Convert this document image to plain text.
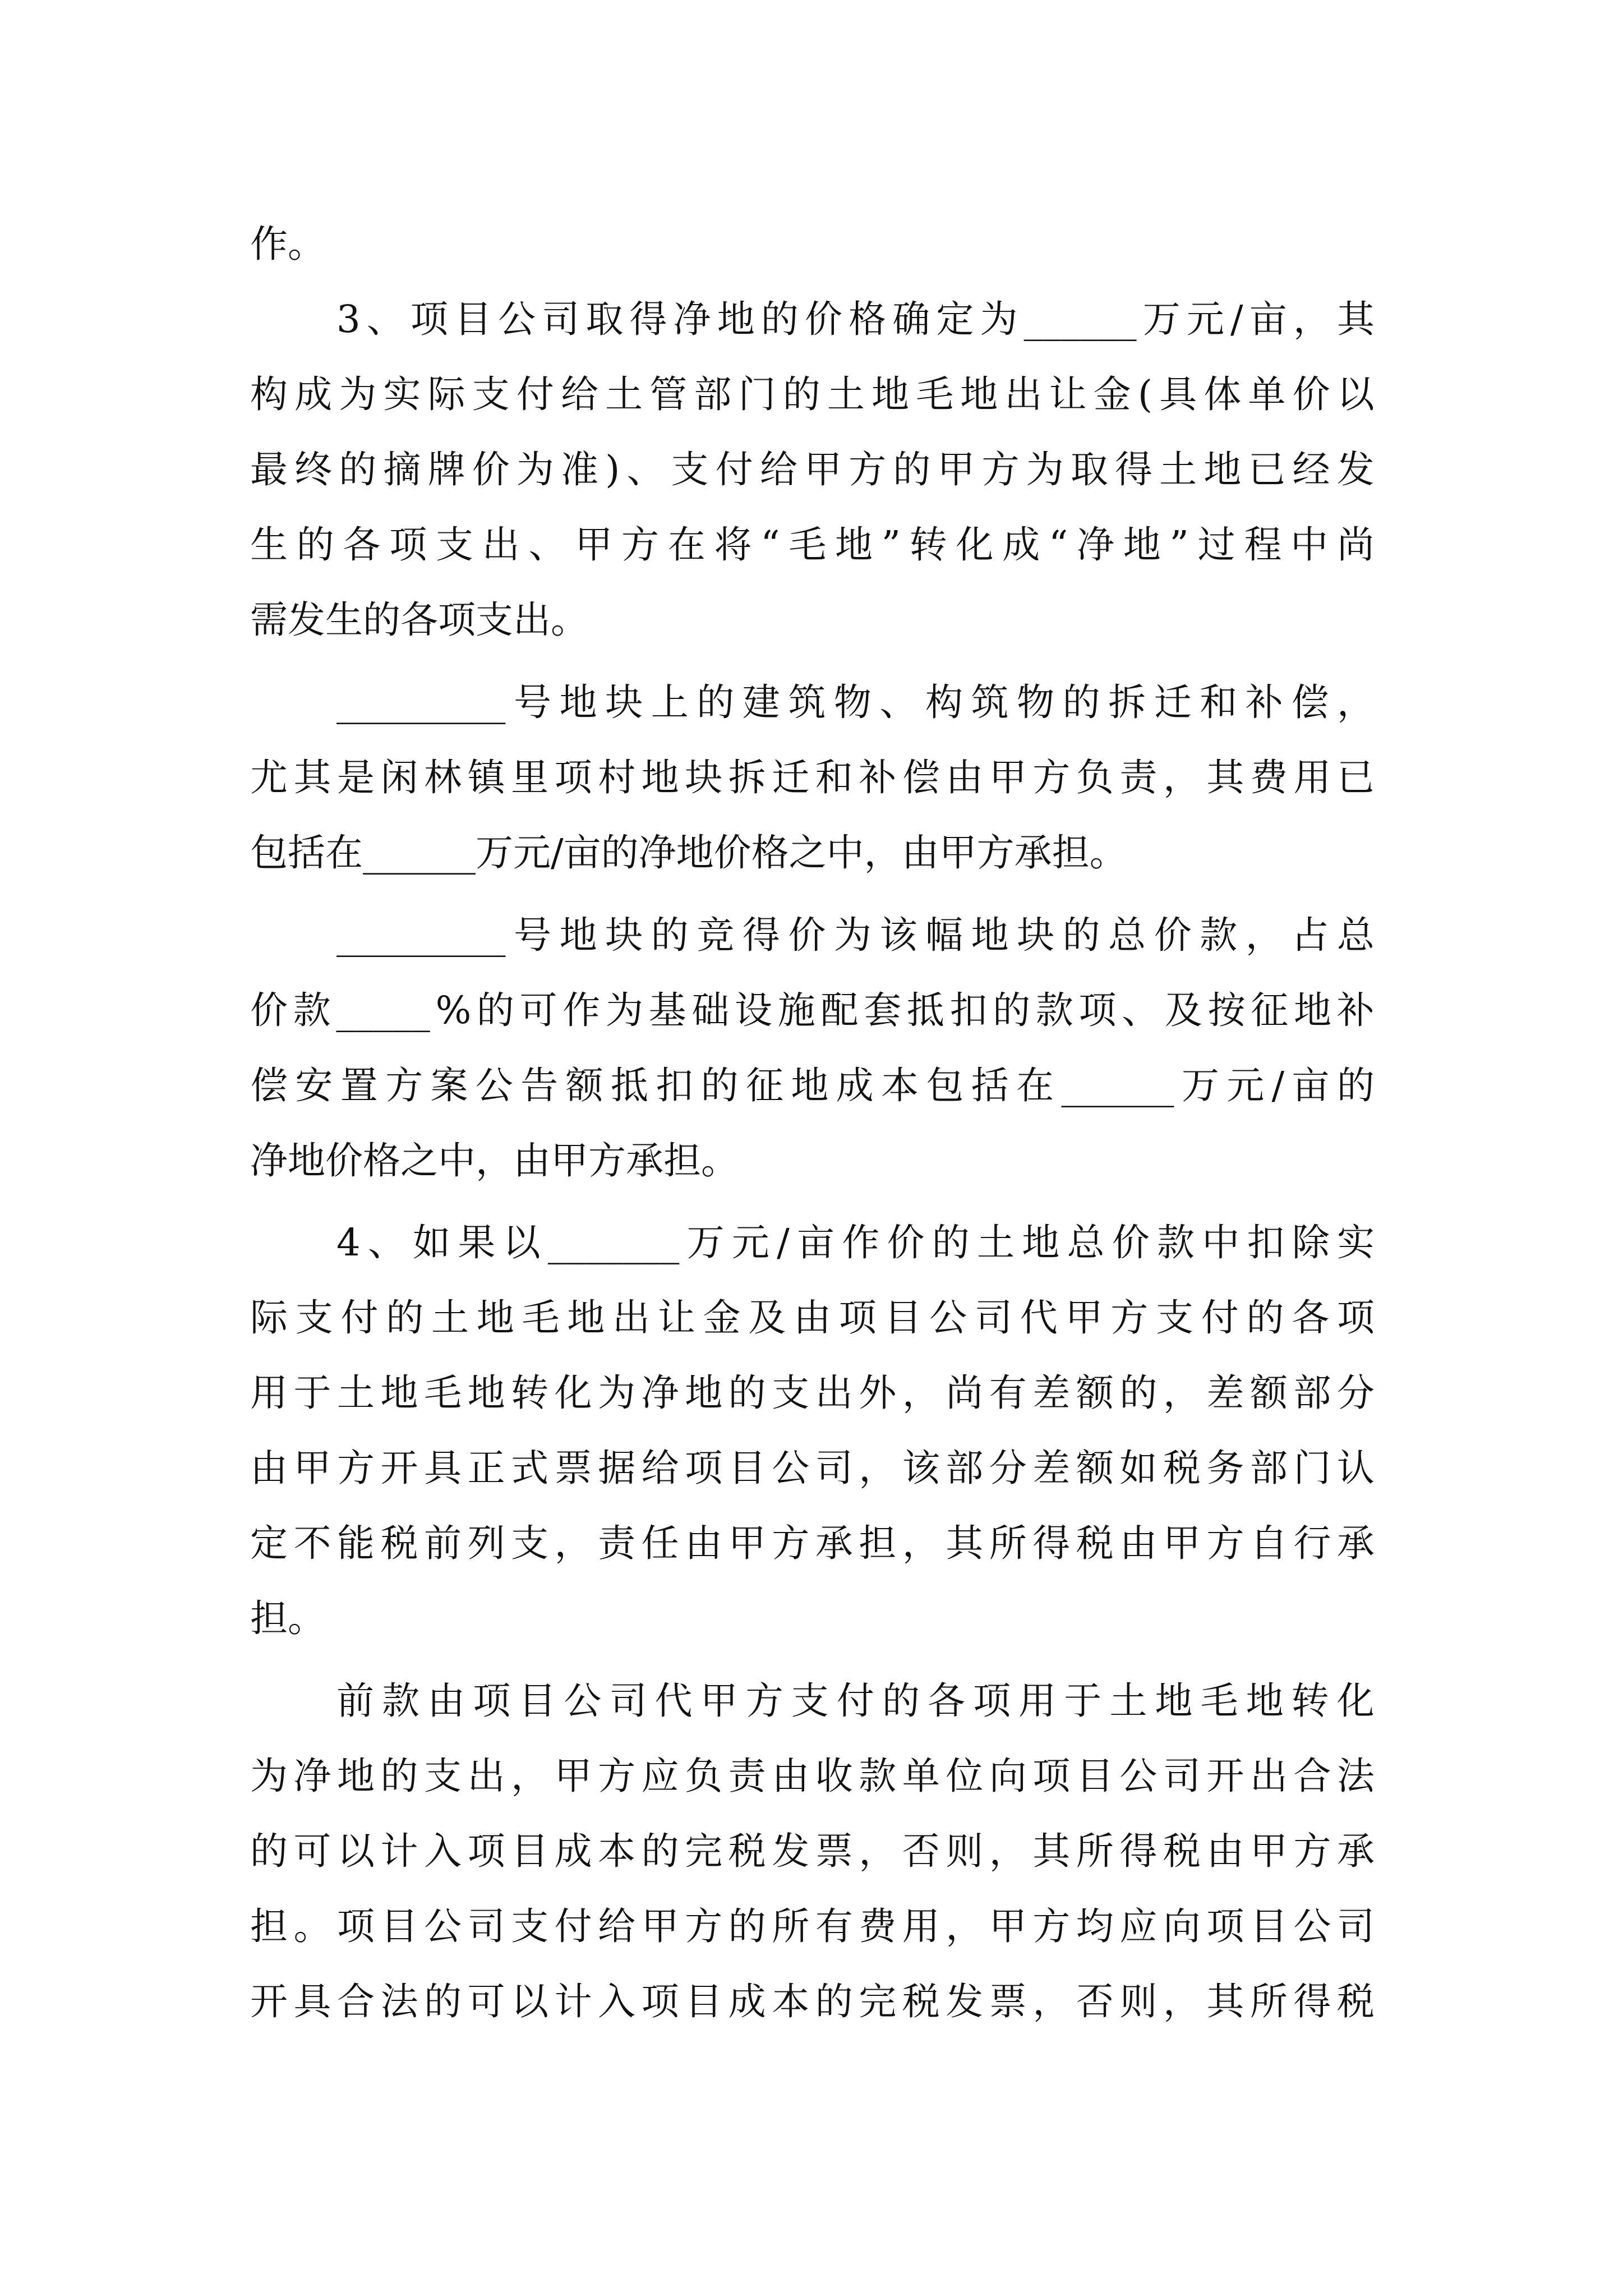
作。

3 、 项 目 公 司 取 得 净 地 的 价 格 确 定 为 ______ 万 元 / 亩 ， 其

构 成 为 实 际 支 付 给 土 管 部 门 的 土 地 毛 地 出 让 金 ( 具 体 单 价 以

最 终 的 摘 牌 价 为 准 ) 、 支 付 给 甲 方 的 甲 方 为 取 得 土 地 已 经 发

生 的 各 项 支 出 、 甲 方 在 将 “ 毛 地 ” 转 化 成 “ 净 地 ” 过 程 中 尚

需发生的各项支出。

_________ 号 地 块 上 的 建 筑 物 、 构 筑 物 的 拆 迁 和 补 偿 ，

尤 其 是 闲 林 镇 里 项 村 地 块 拆 迁 和 补 偿 由 甲 方 负 责 ， 其 费 用 已

包括在______万元/亩的净地价格之中，由甲方承担。

_________ 号 地 块 的 竞 得 价 为 该 幅 地 块 的 总 价 款 ， 占 总

价 款 _____ % 的 可 作 为 基 础 设 施 配 套 抵 扣 的 款 项 、 及 按 征 地 补

偿 安 置 方 案 公 告 额 抵 扣 的 征 地 成 本 包 括 在 ______ 万 元 / 亩 的

净地价格之中，由甲方承担。

4 、 如 果 以 _______ 万 元 / 亩 作 价 的 土 地 总 价 款 中 扣 除 实

际 支 付 的 土 地 毛 地 出 让 金 及 由 项 目 公 司 代 甲 方 支 付 的 各 项

用 于 土 地 毛 地 转 化 为 净 地 的 支 出 外 ， 尚 有 差 额 的 ， 差 额 部 分

由 甲 方 开 具 正 式 票 据 给 项 目 公 司 ， 该 部 分 差 额 如 税 务 部 门 认

定 不 能 税 前 列 支 ， 责 任 由 甲 方 承 担 ， 其 所 得 税 由 甲 方 自 行 承

担。

前 款 由 项 目 公 司 代 甲 方 支 付 的 各 项 用 于 土 地 毛 地 转 化

为 净 地 的 支 出 ， 甲 方 应 负 责 由 收 款 单 位 向 项 目 公 司 开 出 合 法

的 可 以 计 入 项 目 成 本 的 完 税 发 票 ， 否 则 ， 其 所 得 税 由 甲 方 承

担 。 项 目 公 司 支 付 给 甲 方 的 所 有 费 用 ， 甲 方 均 应 向 项 目 公 司

开 具 合 法 的 可 以 计 入 项 目 成 本 的 完 税 发 票 ， 否 则 ， 其 所 得 税
